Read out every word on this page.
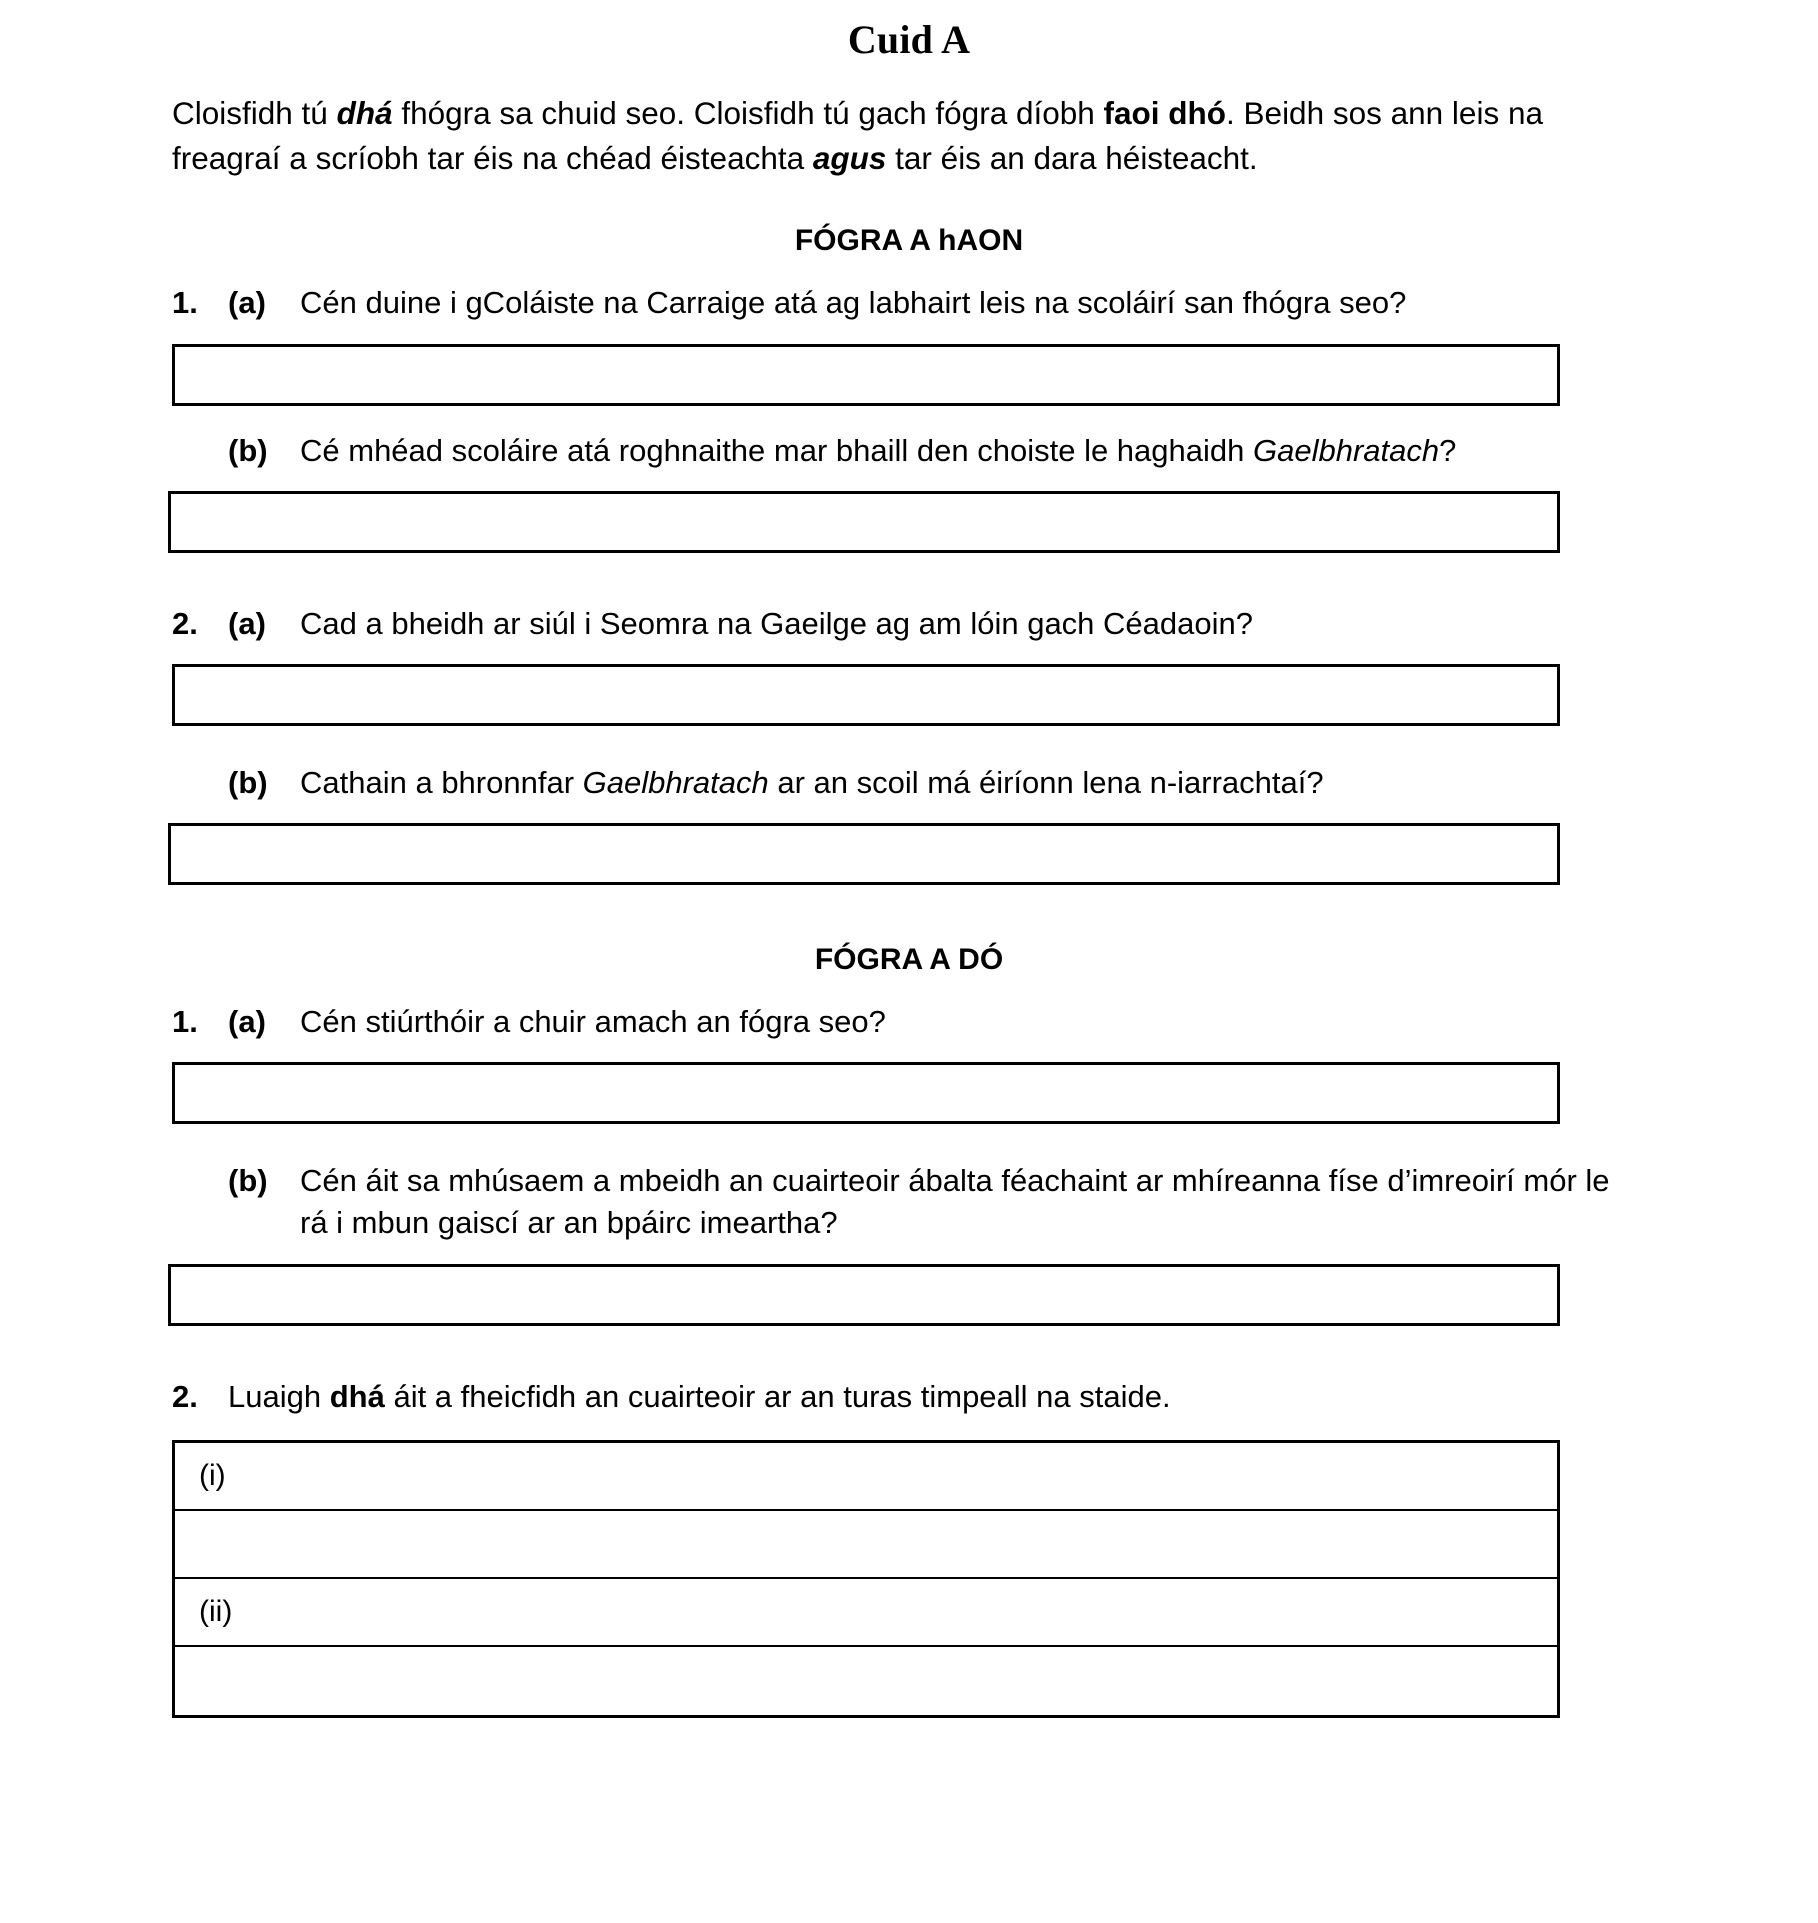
Cuid A

Cloisfidh tú dhá fhógra sa chuid seo. Cloisfidh tú gach fógra díobh faoi dhó. Beidh sos ann leis na freagraí a scríobh tar éis na chéad éisteachta agus tar éis an dara héisteacht.

FÓGRA A hAON
1. (a)	Cén duine i gColáiste na Carraige atá ag labhairt leis na scoláirí san fhógra seo?
(b)	Cé mhéad scoláire atá roghnaithe mar bhaill den choiste le haghaidh Gaelbhratach?
2. (a)	Cad a bheidh ar siúl i Seomra na Gaeilge ag am lóin gach Céadaoin?
(b)	Cathain a bhronnfar Gaelbhratach ar an scoil má éiríonn lena n-iarrachtaí?
FÓGRA A DÓ
1. (a)	Cén stiúrthóir a chuir amach an fógra seo?
(b)	Cén áit sa mhúsaem a mbeidh an cuairteoir ábalta féachaint ar mhíreanna físe d’imreoirí mór le rá i mbun gaiscí ar an bpáirc imeartha?
2. Luaigh dhá áit a fheicfidh an cuairteoir ar an turas timpeall na staide.
(i)
(ii)
